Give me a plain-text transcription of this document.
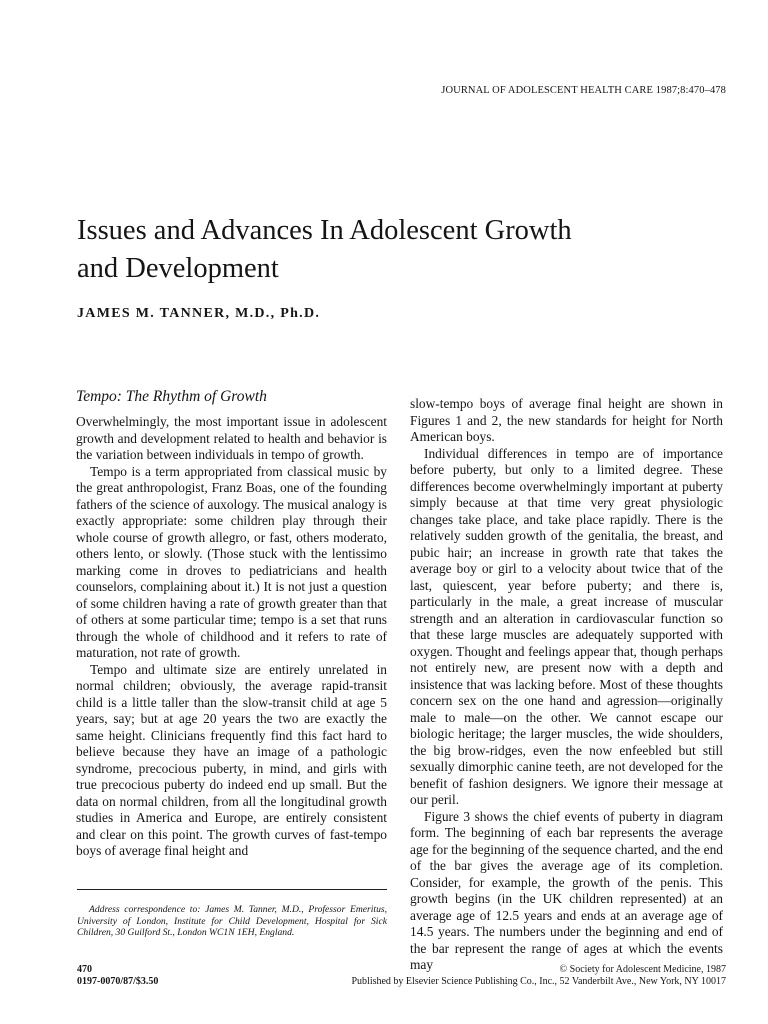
JOURNAL OF ADOLESCENT HEALTH CARE 1987;8:470–478
Issues and Advances In Adolescent Growth
and Development
JAMES M. TANNER, M.D., Ph.D.
Tempo: The Rhythm of Growth

Overwhelmingly, the most important issue in adolescent growth and development related to health and behavior is the variation between individuals in tempo of growth.

Tempo is a term appropriated from classical music by the great anthropologist, Franz Boas, one of the founding fathers of the science of auxology. The musical analogy is exactly appropriate: some children play through their whole course of growth allegro, or fast, others moderato, others lento, or slowly. (Those stuck with the lentissimo marking come in droves to pediatricians and health counselors, complaining about it.) It is not just a question of some children having a rate of growth greater than that of others at some particular time; tempo is a set that runs through the whole of childhood and it refers to rate of maturation, not rate of growth.

Tempo and ultimate size are entirely unrelated in normal children; obviously, the average rapid-transit child is a little taller than the slow-transit child at age 5 years, say; but at age 20 years the two are exactly the same height. Clinicians frequently find this fact hard to believe because they have an image of a pathologic syndrome, precocious puberty, in mind, and girls with true precocious puberty do indeed end up small. But the data on normal children, from all the longitudinal growth studies in America and Europe, are entirely consistent and clear on this point. The growth curves of fast-tempo boys of average final height and

slow-tempo boys of average final height are shown in Figures 1 and 2, the new standards for height for North American boys.

Individual differences in tempo are of importance before puberty, but only to a limited degree. These differences become overwhelmingly important at puberty simply because at that time very great physiologic changes take place, and take place rapidly. There is the relatively sudden growth of the genitalia, the breast, and pubic hair; an increase in growth rate that takes the average boy or girl to a velocity about twice that of the last, quiescent, year before puberty; and there is, particularly in the male, a great increase of muscular strength and an alteration in cardiovascular function so that these large muscles are adequately supported with oxygen. Thought and feelings appear that, though perhaps not entirely new, are present now with a depth and insistence that was lacking before. Most of these thoughts concern sex on the one hand and agression—originally male to male—on the other. We cannot escape our biologic heritage; the larger muscles, the wide shoulders, the big brow-ridges, even the now enfeebled but still sexually dimorphic canine teeth, are not developed for the benefit of fashion designers. We ignore their message at our peril.

Figure 3 shows the chief events of puberty in diagram form. The beginning of each bar represents the average age for the beginning of the sequence charted, and the end of the bar gives the average age of its completion. Consider, for example, the growth of the penis. This growth begins (in the UK children represented) at an average age of 12.5 years and ends at an average age of 14.5 years. The numbers under the beginning and end of the bar represent the range of ages at which the events may

Address correspondence to: James M. Tanner, M.D., Professor Emeritus, University of London, Institute for Child Development, Hospital for Sick Children, 30 Guilford St., London WC1N 1EH, England.
470
0197-0070/87/$3.50
© Society for Adolescent Medicine, 1987
Published by Elsevier Science Publishing Co., Inc., 52 Vanderbilt Ave., New York, NY 10017
